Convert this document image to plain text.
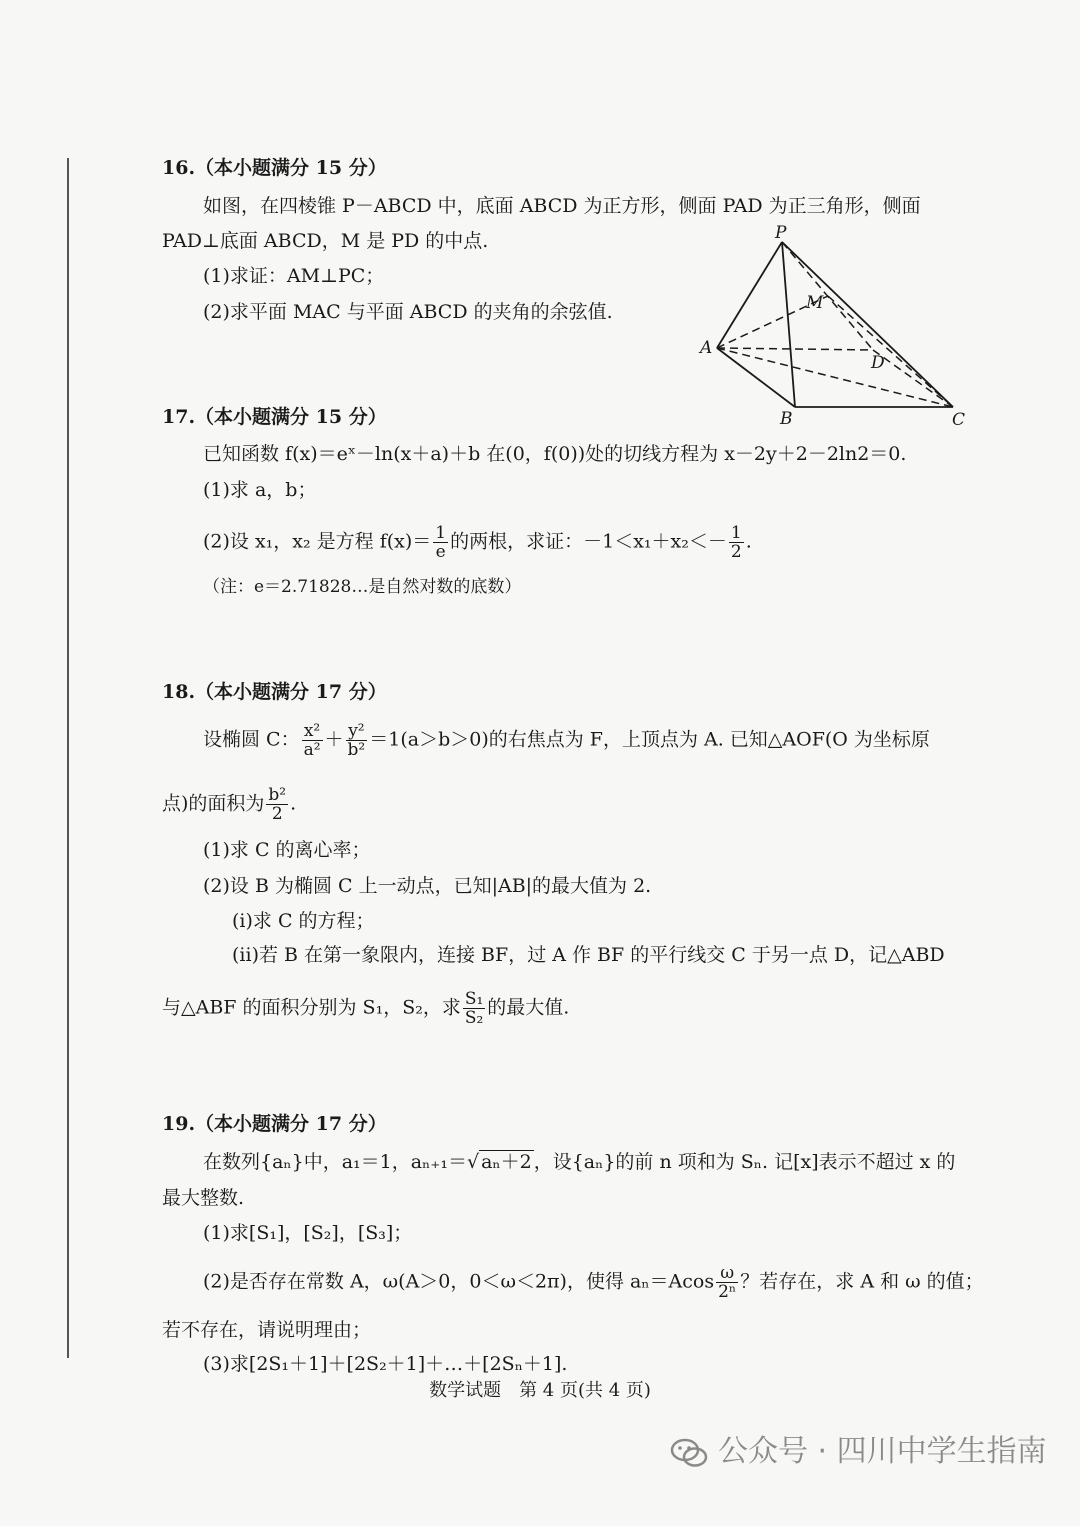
16.（本小题满分 15 分）
如图，在四棱锥 P－ABCD 中，底面 ABCD 为正方形，侧面 PAD 为正三角形，侧面
PAD⊥底面 ABCD，M 是 PD 的中点.
(1)求证：AM⊥PC；
(2)求平面 MAC 与平面 ABCD 的夹角的余弦值.
P
A
B	C
D
M
17.（本小题满分 15 分）
已知函数 f(x)＝eˣ－ln(x＋a)＋b 在(0，f(0))处的切线方程为 x－2y＋2－2ln2＝0.
(1)求 a，b；
(2)设 x₁，x₂ 是方程 $f(x)= \frac{1}{e}$ 的两根，求证：$-1<x_1+x_2<- \frac{1}{2}$ .
（注：e＝2.71828…是自然对数的底数）
18.（本小题满分 17 分）
设椭圆 C： $\frac{\text{x²}}{\text{a²}} + \frac{\text{y²}}{\text{b²}} =1(a>b>0)$的右焦点为 F，上顶点为 A. 已知△AOF(O 为坐标原
点)的面积为 $\frac{\text{b²}}{2}$ .
(1)求 C 的离心率；
(2)设 B 为椭圆 C 上一动点，已知|AB|的最大值为 2.
(i)求 C 的方程；
(ii)若 B 在第一象限内，连接 BF，过 A 作 BF 的平行线交 C 于另一点 D，记△ABD
与△ABF 的面积分别为 S₁，S₂，求 $\frac{\text{S₁}}{\text{S₂}}$ 的最大值.
19.（本小题满分 17 分）
在数列{aₙ}中，a₁＝1，aₙ₊₁＝√ aₙ＋2 ，设{aₙ}的前 n 项和为 Sₙ. 记[x]表示不超过 x 的
最大整数.
(1)求[S₁]，[S₂]，[S₃]；
(2)是否存在常数 A，ω(A＞0，0＜ω＜2π)，使得 $a_n=Acos \frac{\omega}{\text{2ⁿ}}$ ？若存在，求 A 和 ω 的值；
若不存在，请说明理由；
(3)求[2S₁＋1]＋[2S₂＋1]＋…＋[2Sₙ＋1].
数学试题　第 4 页(共 4 页)
公众号 · 四川中学生指南
